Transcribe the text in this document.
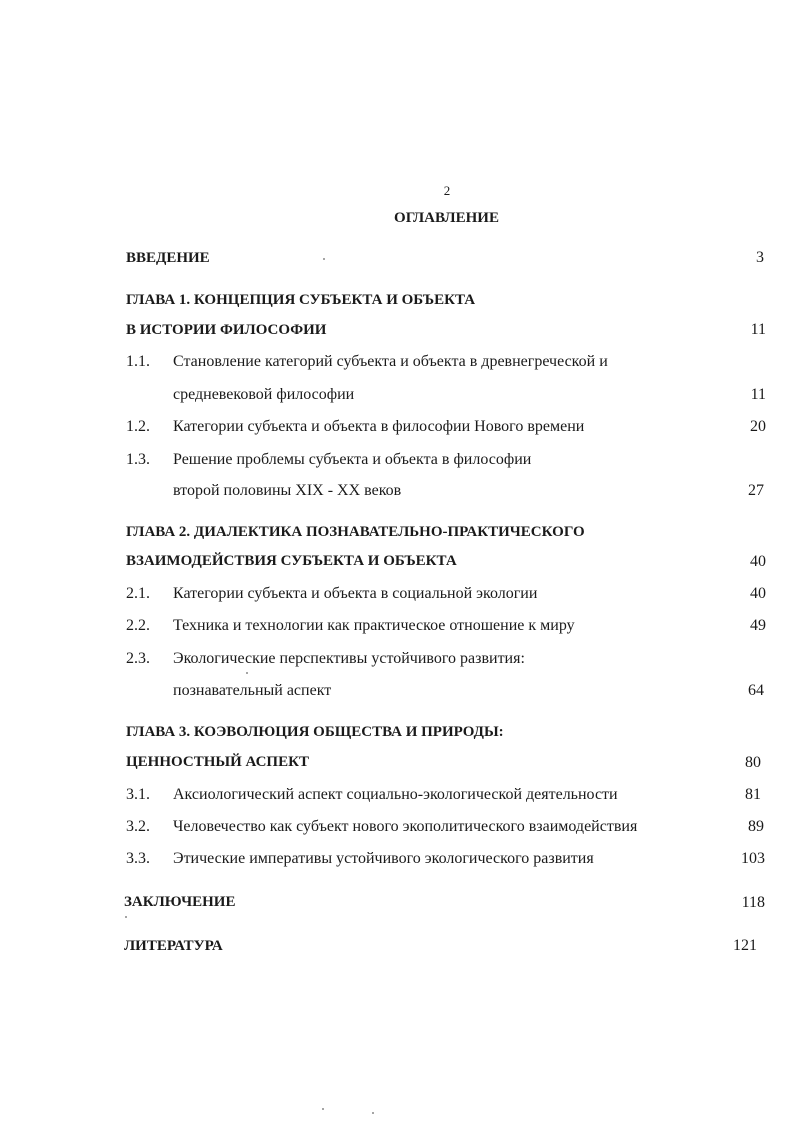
2
ОГЛАВЛЕНИЕ
ВВЕДЕНИЕ	3
ГЛАВА 1. КОНЦЕПЦИЯ СУБЪЕКТА И ОБЪЕКТА
В ИСТОРИИ ФИЛОСОФИИ	11
1.1. Становление категорий субъекта и объекта в древнегреческой и
средневековой философии	11
1.2. Категории субъекта и объекта в философии Нового времени	20
1.3. Решение проблемы субъекта и объекта в философии
второй половины XIX - XX веков	27
ГЛАВА 2. ДИАЛЕКТИКА ПОЗНАВАТЕЛЬНО-ПРАКТИЧЕСКОГО
ВЗАИМОДЕЙСТВИЯ СУБЪЕКТА И ОБЪЕКТА	40
2.1. Категории субъекта и объекта в социальной экологии	40
2.2. Техника и технологии как практическое отношение к миру	49
2.3. Экологические перспективы устойчивого развития:
познавательный аспект	64
ГЛАВА 3. КОЭВОЛЮЦИЯ ОБЩЕСТВА И ПРИРОДЫ:
ЦЕННОСТНЫЙ АСПЕКТ	80
3.1. Аксиологический аспект социально-экологической деятельности	81
3.2. Человечество как субъект нового экополитического взаимодействия	89
3.3. Этические императивы устойчивого экологического развития	103
ЗАКЛЮЧЕНИЕ	118
ЛИТЕРАТУРА	121
